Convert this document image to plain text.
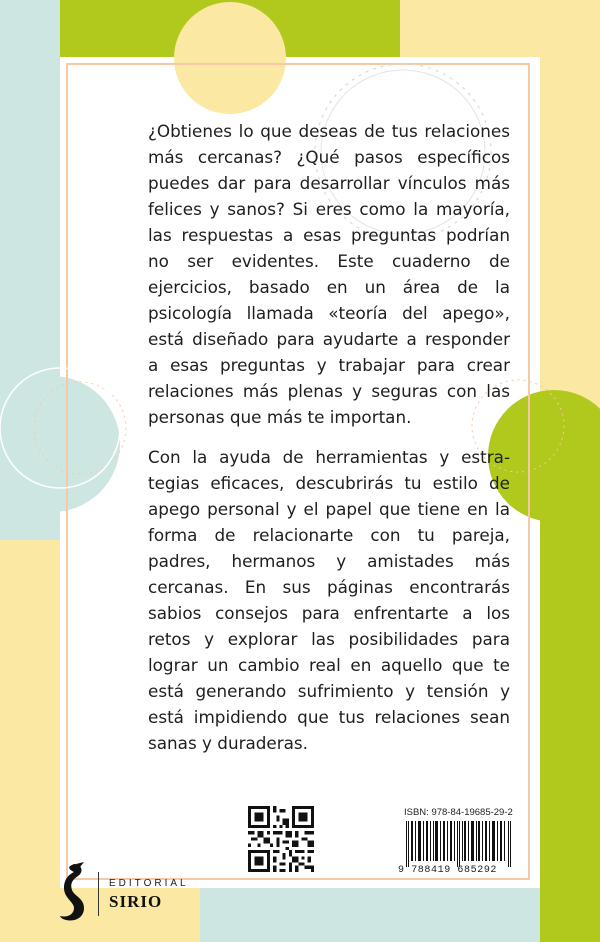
¿Obtienes lo que deseas de tus relaciones más cercanas? ¿Qué pasos específicos puedes dar para desarrollar vínculos más felices y sanos? Si eres como la mayoría, las respuestas a esas preguntas podrían no ser evidentes. Este cuaderno de ejercicios, basado en un área de la psicología llamada «teoría del apego», está diseñado para ayudarte a responder a esas preguntas y trabajar para crear relaciones más plenas y seguras con las personas que más te importan.

Con la ayuda de herramientas y estrategias eficaces, descubrirás tu estilo de apego personal y el papel que tiene en la forma de relacionarte con tu pareja, padres, hermanos y amistades más cercanas. En sus páginas encontrarás sabios consejos para enfrentarte a los retos y explorar las posibilidades para lograr un cambio real en aquello que te está generando sufrimiento y tensión y está impidiendo que tus relaciones sean sanas y duraderas.

ISBN: 978-84-19685-29-2
9 788419 685292
EDITORIAL
SIRIO
